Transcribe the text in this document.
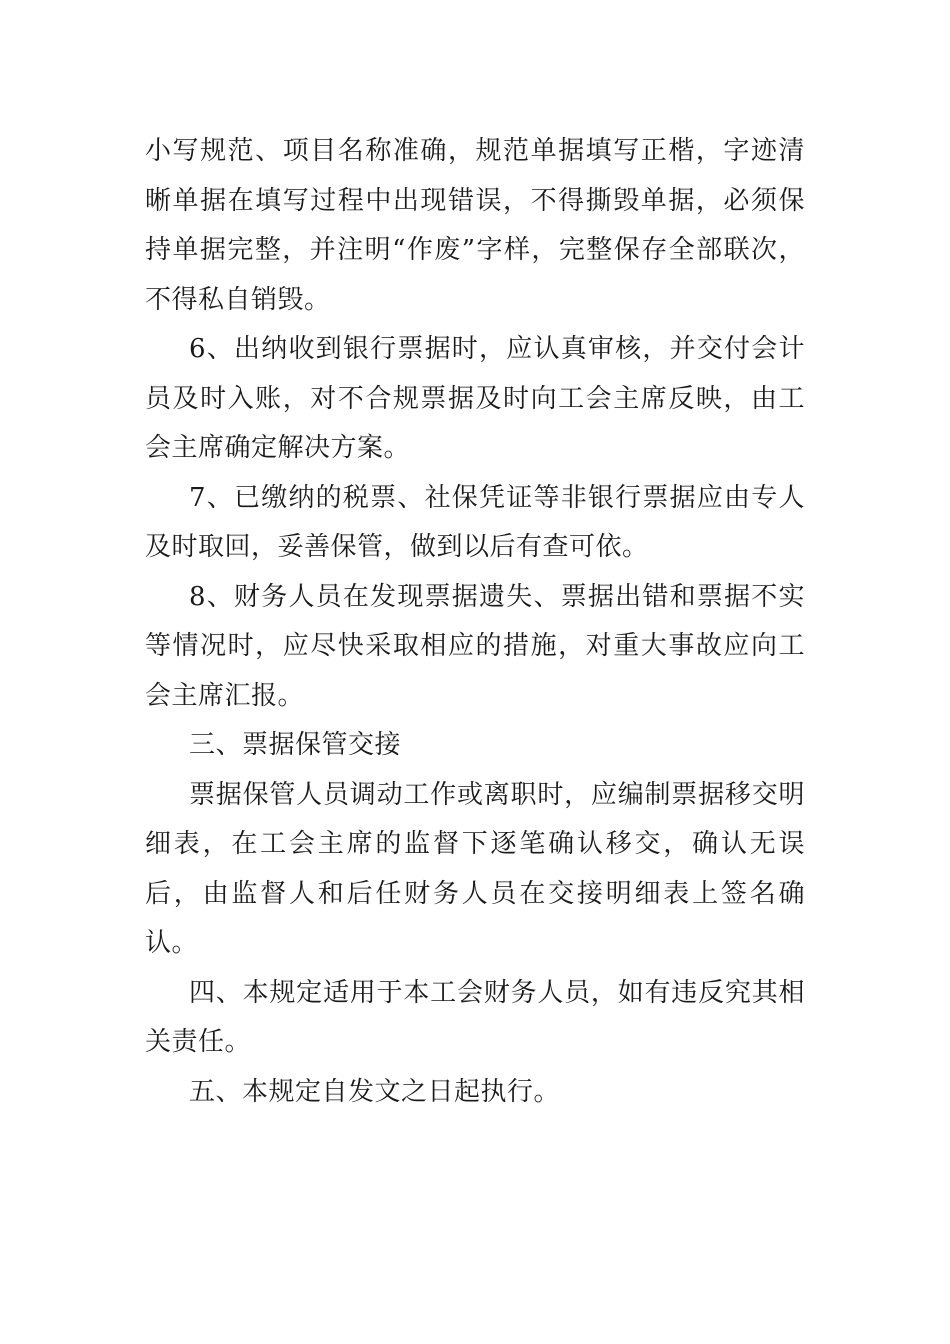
小写规范、项目名称准确，规范单据填写正楷，字迹清晰单据在填写过程中出现错误，不得撕毁单据，必须保持单据完整，并注明“作废”字样，完整保存全部联次，不得私自销毁。

6、出纳收到银行票据时，应认真审核，并交付会计员及时入账，对不合规票据及时向工会主席反映，由工会主席确定解决方案。

7、已缴纳的税票、社保凭证等非银行票据应由专人及时取回，妥善保管，做到以后有查可依。

8、财务人员在发现票据遗失、票据出错和票据不实等情况时，应尽快采取相应的措施，对重大事故应向工会主席汇报。

三、票据保管交接

票据保管人员调动工作或离职时，应编制票据移交明细表，在工会主席的监督下逐笔确认移交，确认无误后，由监督人和后任财务人员在交接明细表上签名确认。

四、本规定适用于本工会财务人员，如有违反究其相关责任。

五、本规定自发文之日起执行。
